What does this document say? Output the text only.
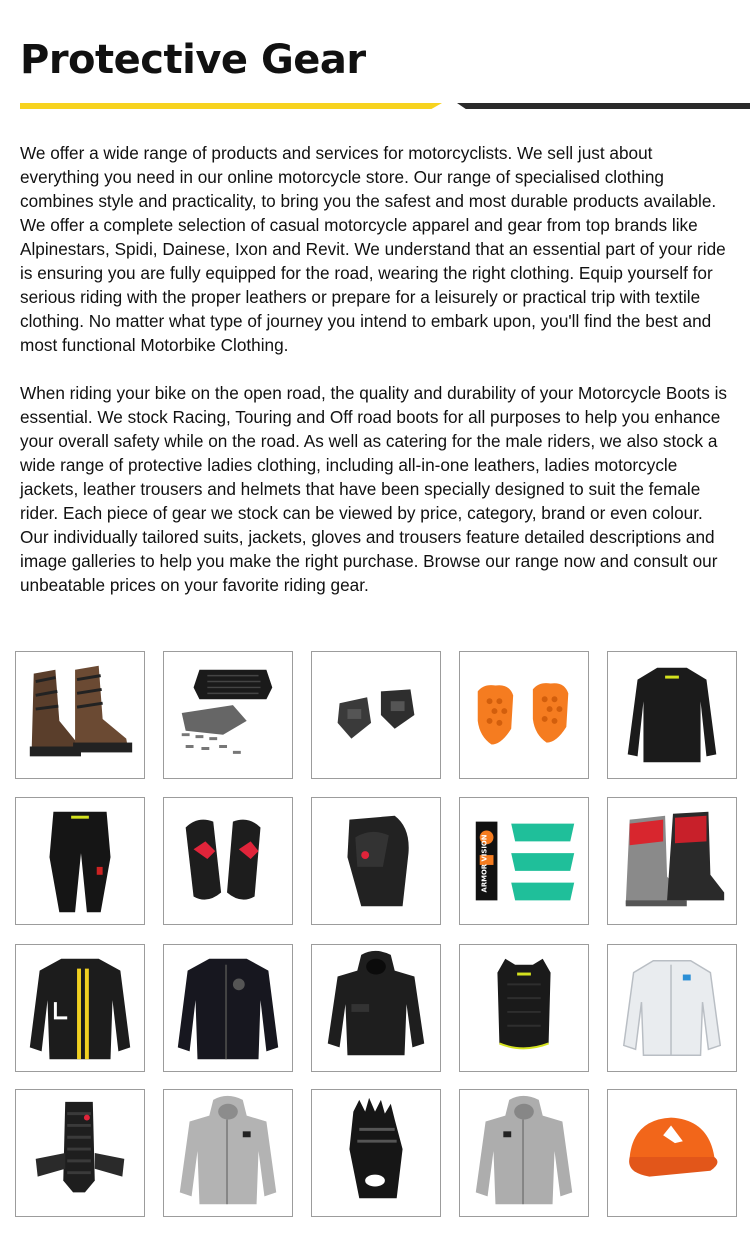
Protective Gear

We offer a wide range of products and services for motorcyclists. We sell just about everything you need in our online motorcycle store. Our range of specialised clothing combines style and practicality, to bring you the safest and most durable products available. We offer a complete selection of casual motorcycle apparel and gear from top brands like Alpinestars, Spidi, Dainese, Ixon and Revit. We understand that an essential part of your ride is ensuring you are fully equipped for the road, wearing the right clothing. Equip yourself for serious riding with the proper leathers or prepare for a leisurely or practical trip with textile clothing. No matter what type of journey you intend to embark upon, you'll find the best and most functional Motorbike Clothing.

When riding your bike on the open road, the quality and durability of your Motorcycle Boots is essential. We stock Racing, Touring and Off road boots for all purposes to help you enhance your overall safety while on the road. As well as catering for the male riders, we also stock a wide range of protective ladies clothing, including all-in-one leathers, ladies motorcycle jackets, leather trousers and helmets that have been specially designed to suit the female rider. Each piece of gear we stock can be viewed by price, category, brand or even colour. Our individually tailored suits, jackets, gloves and trousers feature detailed descriptions and image galleries to help you make the right purchase. Browse our range now and consult our unbeatable prices on your favorite riding gear.

ARMOR VISION
